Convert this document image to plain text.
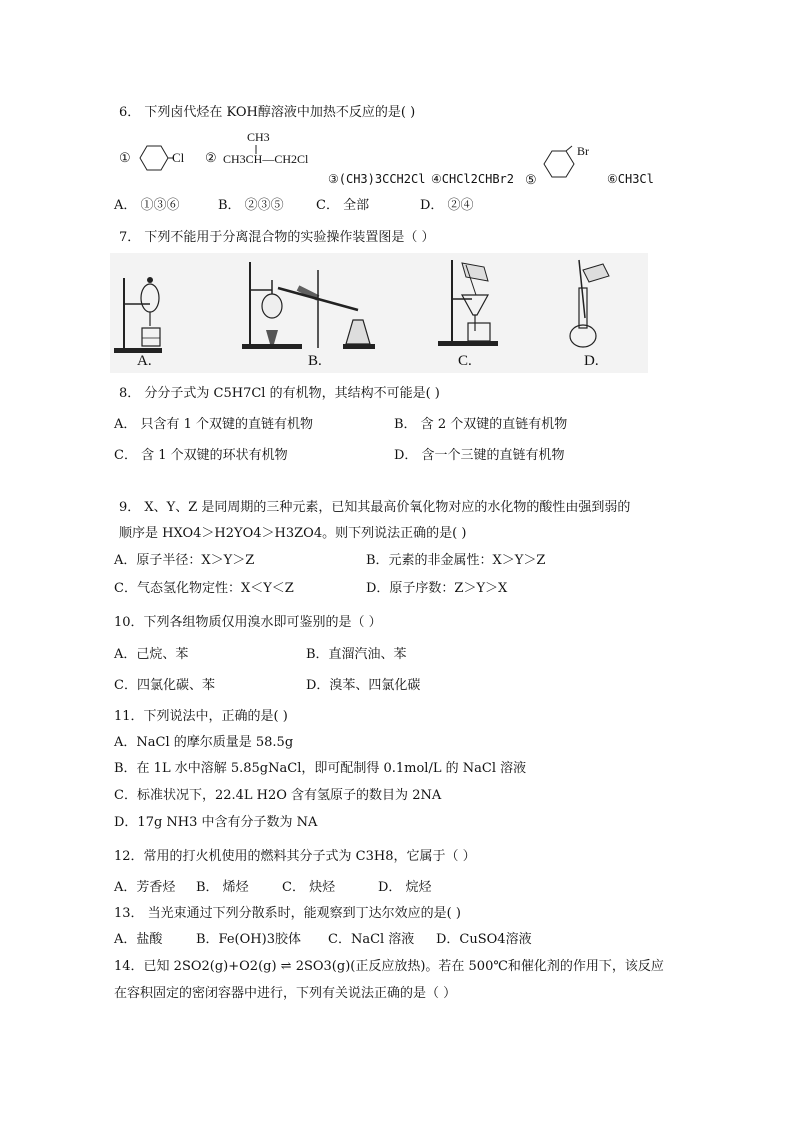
6． 下列卤代烃在 KOH醇溶液中加热不反应的是( )
①	Cl ②
CH3
CH3CH—CH2Cl
③(CH3)3CCH2Cl ④CHCl2CHBr2 ⑤
Br
⑥CH3Cl
A． ①③⑥	B． ②③⑤ C． 全部	D． ②④
7． 下列不能用于分离混合物的实验操作装置图是（ ）
A.	B.	C.	D.
8． 分分子式为 C5H7Cl 的有机物，其结构不可能是( )
A． 只含有 1 个双键的直链有机物	B． 含 2 个双键的直链有机物
C． 含 1 个双键的环状有机物	D． 含一个三键的直链有机物
9． X、Y、Z 是同周期的三种元素，已知其最高价氧化物对应的水化物的酸性由强到弱的
顺序是 HXO4＞H2YO4＞H3ZO4。则下列说法正确的是( )
A．原子半径：X＞Y＞Z	B．元素的非金属性：X＞Y＞Z
C．气态氢化物定性：X＜Y＜Z	D．原子序数：Z＞Y＞X
10．下列各组物质仅用溴水即可鉴别的是（ ）
A．己烷、苯	B．直溜汽油、苯
C．四氯化碳、苯	D．溴苯、四氯化碳
11．下列说法中，正确的是( )
A．NaCl 的摩尔质量是 58.5g
B．在 1L 水中溶解 5.85gNaCl，即可配制得 0.1mol/L 的 NaCl 溶液
C．标准状况下，22.4L H2O 含有氢原子的数目为 2NA
D．17g NH3 中含有分子数为 NA
12．常用的打火机使用的燃料其分子式为 C3H8，它属于（ ）
A．芳香烃 B． 烯烃	C． 炔烃	D． 烷烃
13． 当光束通过下列分散系时，能观察到丁达尔效应的是( )
A．盐酸	B．Fe(OH)3胶体 C．NaCl 溶液 D．CuSO4溶液
14．已知 2SO2(g)+O2(g) ⇌ 2SO3(g)(正反应放热)。若在 500℃和催化剂的作用下，该反应
在容积固定的密闭容器中进行，下列有关说法正确的是（ ）
